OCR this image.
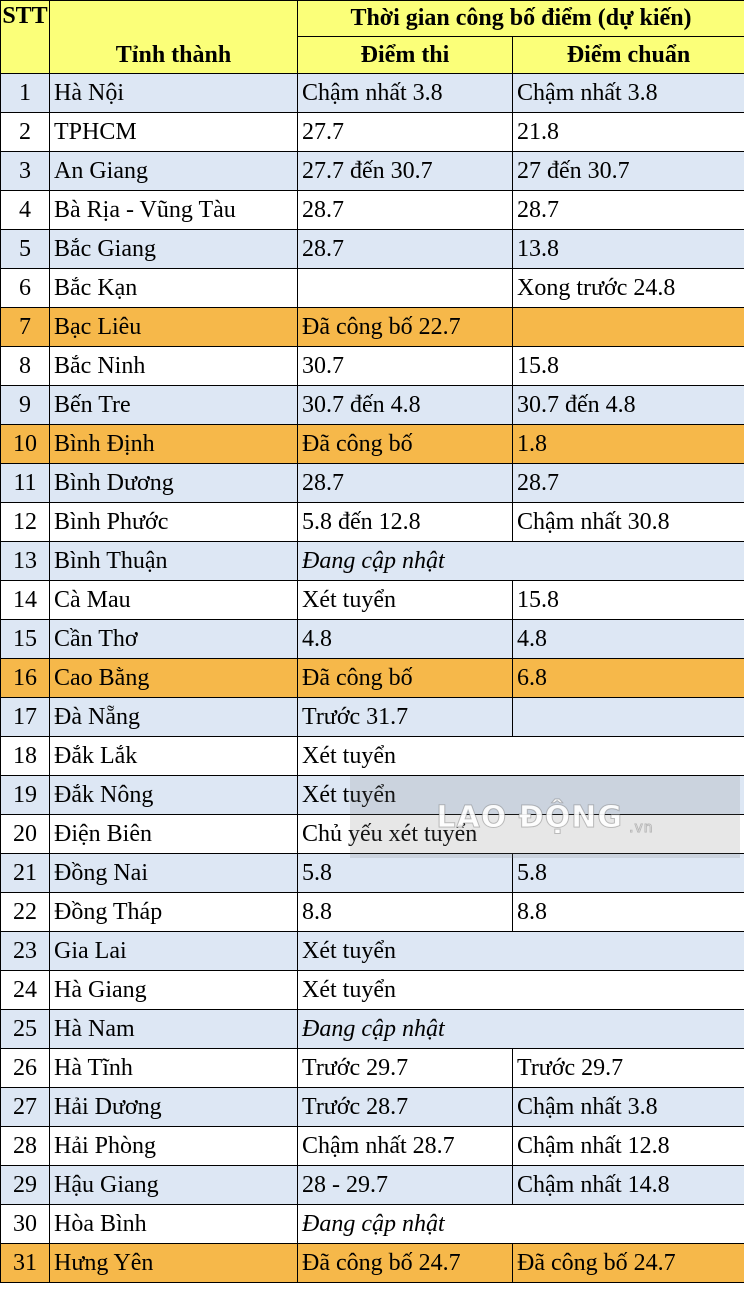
STT	Tỉnh thành	Thời gian công bố điểm (dự kiến)	
		Điểm thi	Điểm chuẩn
1	Hà Nội	Chậm nhất 3.8	Chậm nhất 3.8
2	TPHCM	27.7	21.8
3	An Giang	27.7 đến 30.7	27 đến 30.7
4	Bà Rịa - Vũng Tàu	28.7	28.7
5	Bắc Giang	28.7	13.8
6	Bắc Kạn		Xong trước 24.8
7	Bạc Liêu	Đã công bố 22.7	
8	Bắc Ninh	30.7	15.8
9	Bến Tre	30.7 đến 4.8	30.7 đến 4.8
10	Bình Định	Đã công bố	1.8
11	Bình Dương	28.7	28.7
12	Bình Phước	5.8 đến 12.8	Chậm nhất 30.8
13	Bình Thuận	Đang cập nhật	
14	Cà Mau	Xét tuyển	15.8
15	Cần Thơ	4.8	4.8
16	Cao Bằng	Đã công bố	6.8
17	Đà Nẵng	Trước 31.7	
18	Đắk Lắk	Xét tuyển	
19	Đắk Nông	Xét tuyển	
20	Điện Biên	Chủ yếu xét tuyển	
21	Đồng Nai	5.8	5.8
22	Đồng Tháp	8.8	8.8
23	Gia Lai	Xét tuyển	
24	Hà Giang	Xét tuyển	
25	Hà Nam	Đang cập nhật	
26	Hà Tĩnh	Trước 29.7	Trước 29.7
27	Hải Dương	Trước 28.7	Chậm nhất 3.8
28	Hải Phòng	Chậm nhất 28.7	Chậm nhất 12.8
29	Hậu Giang	28 - 29.7	Chậm nhất 14.8
30	Hòa Bình	Đang cập nhật	
31	Hưng Yên	Đã công bố 24.7	Đã công bố 24.7
LAO ĐỘNG .vn
